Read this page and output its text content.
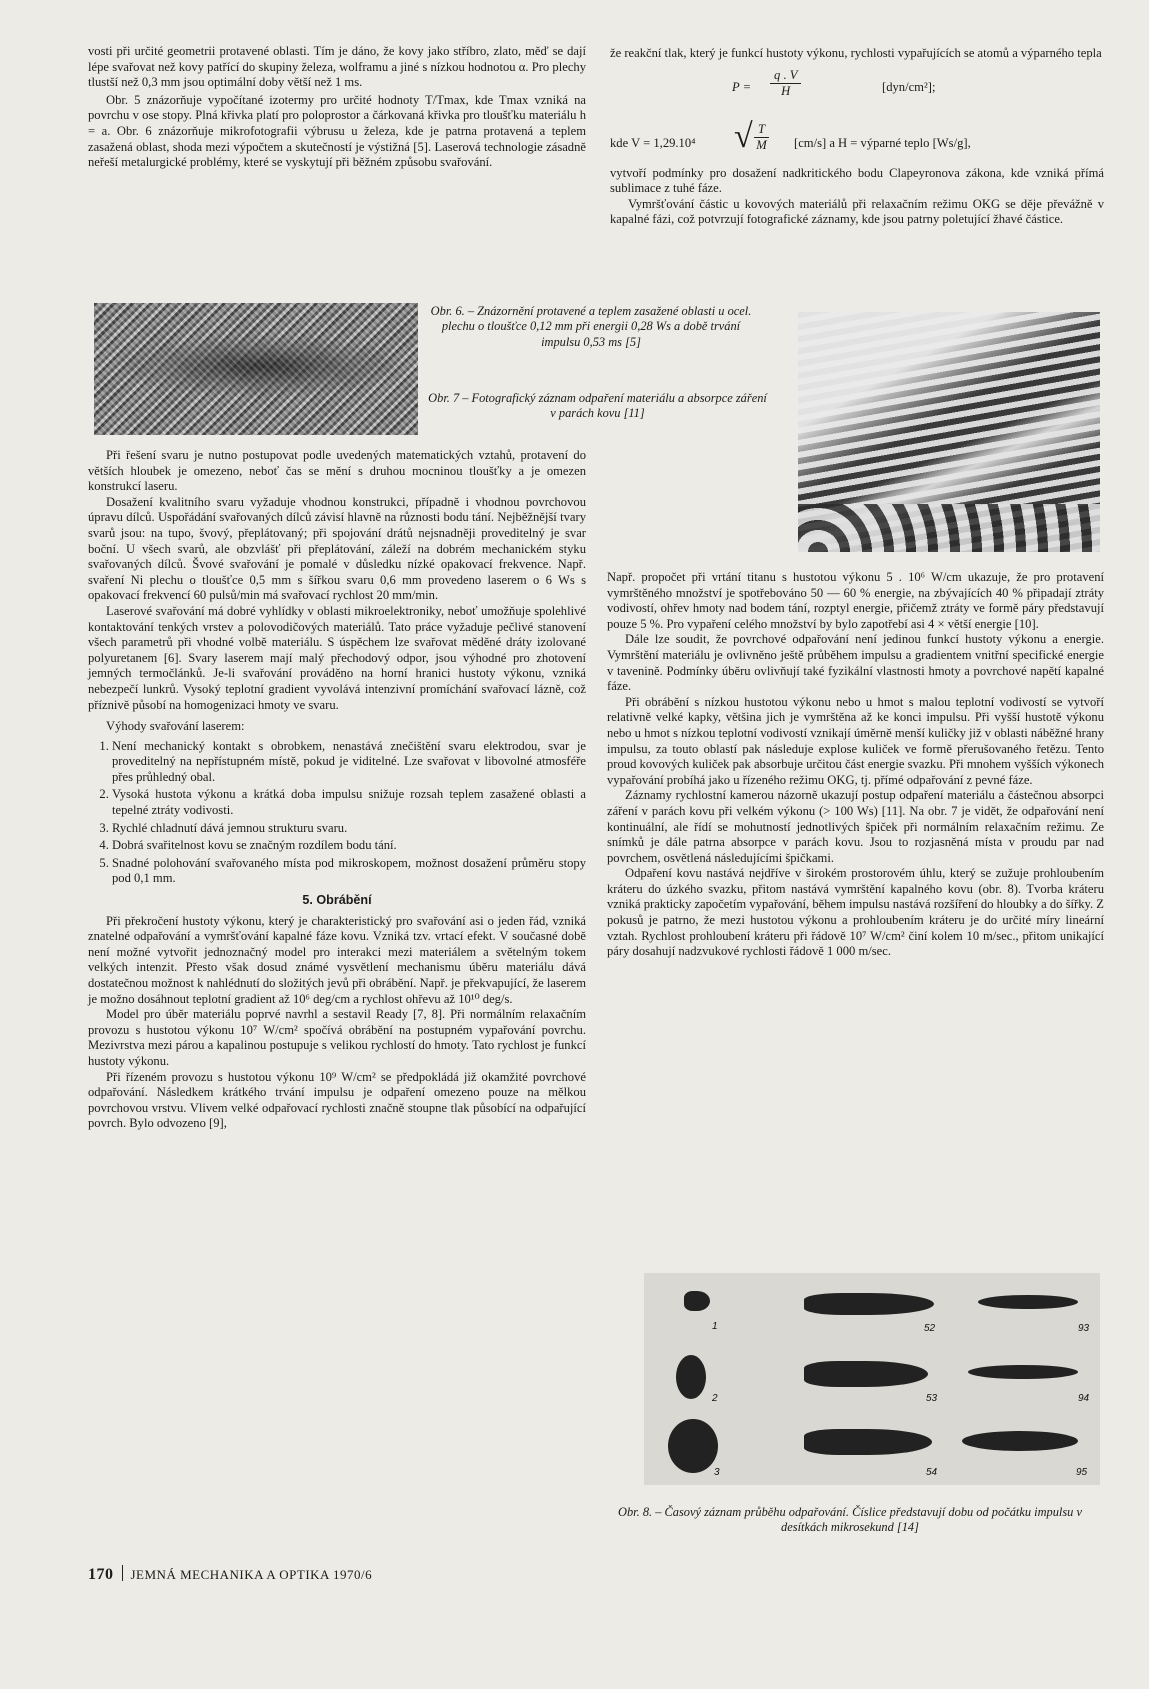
vosti při určité geometrii protavené oblasti. Tím je dáno, že kovy jako stříbro, zlato, měď se dají lépe svařovat než kovy patřící do skupiny železa, wolframu a jiné s nízkou hodnotou α. Pro plechy tlustší než 0,3 mm jsou optimální doby větší než 1 ms.

Obr. 5 znázorňuje vypočítané izotermy pro určité hodnoty T/Tmax, kde Tmax vzniká na povrchu v ose stopy. Plná křivka platí pro poloprostor a čárkovaná křivka pro tloušťku materiálu h = a. Obr. 6 znázorňuje mikrofotografii výbrusu u železa, kde je patrna protavená a teplem zasažená oblast, shoda mezi výpočtem a skutečností je výstižná [5]. Laserová technologie zásadně neřeší metalurgické problémy, které se vyskytují při běžném způsobu svařování.

že reakční tlak, který je funkcí hustoty výkonu, rychlosti vypařujících se atomů a výparného tepla

$P = \frac{q . V}{H}$	[dyn/cm²];
kde V = 1,29.10⁴ √ $\frac{T}{M} [cm/s]$ a H = výparné teplo [Ws/g],

vytvoří podmínky pro dosažení nadkritického bodu Clapeyronova zákona, kde vzniká přímá sublimace z tuhé fáze.

Vymršťování částic u kovových materiálů při relaxačním režimu OKG se děje převážně v kapalné fázi, což potvrzují fotografické záznamy, kde jsou patrny poletující žhavé částice.

Obr. 6. – Znázornění protavené a teplem zasažené oblasti u ocel. plechu o tloušťce 0,12 mm při energii 0,28 Ws a době trvání impulsu 0,53 ms [5]
Obr. 7 – Fotografický záznam odpaření materiálu a absorpce záření v parách kovu [11]

Při řešení svaru je nutno postupovat podle uvedených matematických vztahů, protavení do větších hloubek je omezeno, neboť čas se mění s druhou mocninou tloušťky a je omezen konstrukcí laseru.

Dosažení kvalitního svaru vyžaduje vhodnou konstrukci, případně i vhodnou povrchovou úpravu dílců. Uspořádání svařovaných dílců závisí hlavně na různosti bodu tání. Nejběžnější tvary svarů jsou: na tupo, švový, přeplátovaný; při spojování drátů nejsnadněji proveditelný je svar boční. U všech svarů, ale obzvlášť při přeplátování, záleží na dobrém mechanickém styku svařovaných dílců. Švové svařování je pomalé v důsledku nízké opakovací frekvence. Např. svaření Ni plechu o tloušťce 0,5 mm s šířkou svaru 0,6 mm provedeno laserem o 6 Ws s opakovací frekvencí 60 pulsů/min má svařovací rychlost 20 mm/min.

Laserové svařování má dobré vyhlídky v oblasti mikroelektroniky, neboť umožňuje spolehlivé kontaktování tenkých vrstev a polovodičových materiálů. Tato práce vyžaduje pečlivé stanovení všech parametrů při vhodné volbě materiálu. S úspěchem lze svařovat měděné dráty izolované polyuretanem [6]. Svary laserem mají malý přechodový odpor, jsou výhodné pro zhotovení jemných termočlánků. Je-li svařování prováděno na horní hranici hustoty výkonu, vzniká nebezpečí lunkrů. Vysoký teplotní gradient vyvolává intenzivní promíchání svařovací lázně, což příznivě působí na homogenizaci hmoty ve svaru.

Výhody svařování laserem:

1. Není mechanický kontakt s obrobkem, nenastává znečištění svaru elektrodou, svar je proveditelný na nepřístupném místě, pokud je viditelné. Lze svařovat v libovolné atmosféře přes průhledný obal.
2. Vysoká hustota výkonu a krátká doba impulsu snižuje rozsah teplem zasažené oblasti a tepelné ztráty vodivosti.
3. Rychlé chladnutí dává jemnou strukturu svaru.
4. Dobrá svařitelnost kovu se značným rozdílem bodu tání.
5. Snadné polohování svařovaného místa pod mikroskopem, možnost dosažení průměru stopy pod 0,1 mm.
5. Obrábění

Při překročení hustoty výkonu, který je charakteristický pro svařování asi o jeden řád, vzniká znatelné odpařování a vymršťování kapalné fáze kovu. Vzniká tzv. vrtací efekt. V současné době není možné vytvořit jednoznačný model pro interakci mezi materiálem a světelným tokem velkých intenzit. Přesto však dosud známé vysvětlení mechanismu úběru materiálu dává dostatečnou možnost k nahlédnutí do složitých jevů při obrábění. Např. je překvapující, že laserem je možno dosáhnout teplotní gradient až 10⁶ deg/cm a rychlost ohřevu až 10¹⁰ deg/s.

Model pro úběr materiálu poprvé navrhl a sestavil Ready [7, 8]. Při normálním relaxačním provozu s hustotou výkonu 10⁷ W/cm² spočívá obrábění na postupném vypařování povrchu. Mezivrstva mezi párou a kapalinou postupuje s velikou rychlostí do hmoty. Tato rychlost je funkcí hustoty výkonu.

Při řízeném provozu s hustotou výkonu 10⁹ W/cm² se předpokládá již okamžité povrchové odpařování. Následkem krátkého trvání impulsu je odpaření omezeno pouze na mělkou povrchovou vrstvu. Vlivem velké odpařovací rychlosti značně stoupne tlak působící na odpařující povrch. Bylo odvozeno [9],

Např. propočet při vrtání titanu s hustotou výkonu 5 . 10⁶ W/cm ukazuje, že pro protavení vymrštěného množství je spotřebováno 50 — 60 % energie, na zbývajících 40 % připadají ztráty vodivostí, ohřev hmoty nad bodem tání, rozptyl energie, přičemž ztráty ve formě páry představují pouze 5 %. Pro vypaření celého množství by bylo zapotřebí asi 4 × větší energie [10].

Dále lze soudit, že povrchové odpařování není jedinou funkcí hustoty výkonu a energie. Vymrštění materiálu je ovlivněno ještě průběhem impulsu a gradientem vnitřní specifické energie v tavenině. Podmínky úběru ovlivňují také fyzikální vlastnosti hmoty a povrchové napětí kapalné fáze.

Při obrábění s nízkou hustotou výkonu nebo u hmot s malou teplotní vodivostí se vytvoří relativně velké kapky, většina jich je vymrštěna až ke konci impulsu. Při vyšší hustotě výkonu nebo u hmot s nízkou teplotní vodivostí vznikají úměrně menší kuličky již v oblasti náběžné hrany impulsu, za touto oblastí pak následuje explose kuliček ve formě přerušovaného řetězu. Tento proud kovových kuliček pak absorbuje určitou část energie svazku. Při mnohem vyšších výkonech vypařování probíhá jako u řízeného režimu OKG, tj. přímé odpařování z pevné fáze.

Záznamy rychlostní kamerou názorně ukazují postup odpaření materiálu a částečnou absorpci záření v parách kovu při velkém výkonu (> 100 Ws) [11]. Na obr. 7 je vidět, že odpařování není kontinuální, ale řídí se mohutností jednotlivých špiček při normálním relaxačním režimu. Ze snímků je dále patrna absorpce v parách kovu. Jsou to rozjasněná místa v proudu par nad povrchem, osvětlená následujícími špičkami.

Odpaření kovu nastává nejdříve v širokém prostorovém úhlu, který se zužuje prohloubením kráteru do úzkého svazku, přitom nastává vymrštění kapalného kovu (obr. 8). Tvorba kráteru vzniká prakticky započetím vypařování, během impulsu nastává rozšíření do hloubky a do šířky. Z pokusů je patrno, že mezi hustotou výkonu a prohloubením kráteru je do určité míry lineární vztah. Rychlost prohloubení kráteru při řádově 10⁷ W/cm² činí kolem 10 m/sec., přitom unikající páry dosahují nadzvukové rychlosti řádově 1 000 m/sec.

1	52	93
2	53	94
3	54	95
Obr. 8. – Časový záznam průběhu odpařování. Číslice představují dobu od počátku impulsu v desítkách mikrosekund [14]
170 JEMNÁ MECHANIKA A OPTIKA 1970/6
